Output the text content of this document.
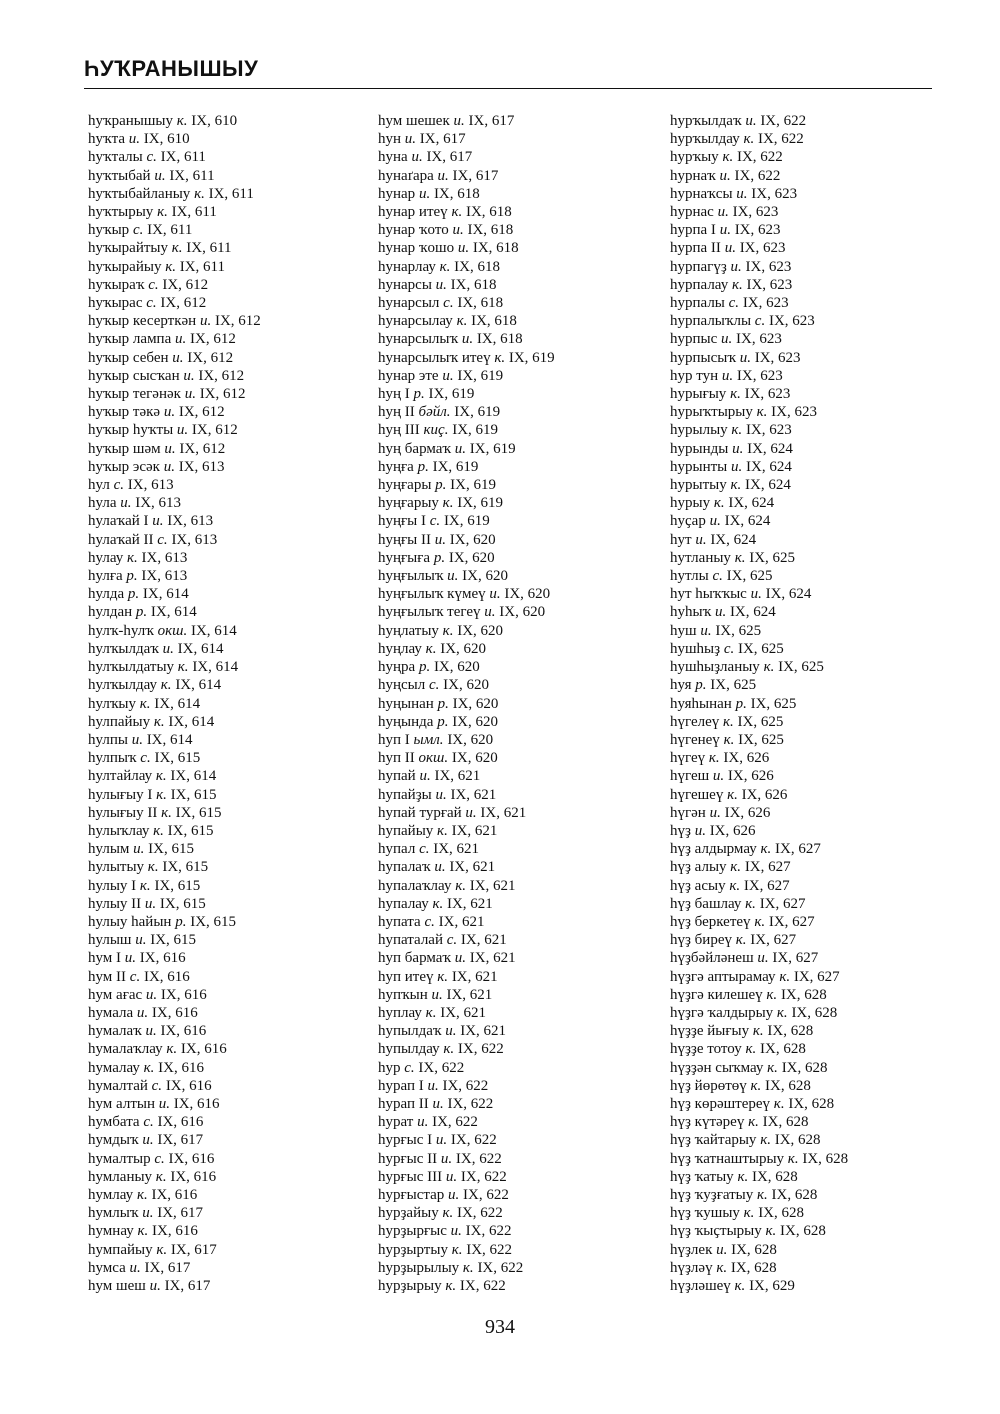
ҺУҠРАНЫШЫУ
һуҡранышыу к. IX, 610
һуҡта и. IX, 610
һуҡталы с. IX, 611
һуҡтыбай и. IX, 611
һуҡтыбайланыу к. IX, 611
һуҡтырыу к. IX, 611
һуҡыр с. IX, 611
һуҡырайтыу к. IX, 611
һуҡырайыу к. IX, 611
һуҡыраҡ с. IX, 612
һуҡырас с. IX, 612
һуҡыр кесерткән и. IX, 612
һуҡыр лампа и. IX, 612
һуҡыр себен и. IX, 612
һуҡыр сысҡан и. IX, 612
һуҡыр тегәнәк и. IX, 612
һуҡыр тәкә и. IX, 612
һуҡыр һуҡты и. IX, 612
һуҡыр шәм и. IX, 612
һуҡыр эсәк и. IX, 613
һул с. IX, 613
һула и. IX, 613
һулаҡай I и. IX, 613
һулаҡай II с. IX, 613
һулау к. IX, 613
һулға р. IX, 613
һулда р. IX, 614
һулдан р. IX, 614
һулҡ-һулҡ окш. IX, 614
һулҡылдаҡ и. IX, 614
һулҡылдатыу к. IX, 614
һулҡылдау к. IX, 614
һулҡыу к. IX, 614
һулпайыу к. IX, 614
һулпы и. IX, 614
һулпыҡ с. IX, 615
һултайлау к. IX, 614
һулығыу I к. IX, 615
һулығыу II к. IX, 615
һулыҡлау к. IX, 615
һулым и. IX, 615
һулытыу к. IX, 615
һулыу I к. IX, 615
һулыу II и. IX, 615
һулыу һайын р. IX, 615
һулыш и. IX, 615
һум I и. IX, 616
һум II с. IX, 616
һум ағас и. IX, 616
һумала и. IX, 616
һумалаҡ и. IX, 616
һумалаҡлау к. IX, 616
һумалау к. IX, 616
һумалтай с. IX, 616
һум алтын и. IX, 616
һумбата с. IX, 616
һумдыҡ и. IX, 617
һумалтыр с. IX, 616
һумланыу к. IX, 616
һумлау к. IX, 616
һумлыҡ и. IX, 617
һумнау к. IX, 616
һумпайыу к. IX, 617
һумса и. IX, 617
һум шеш и. IX, 617
һум шешек и. IX, 617
һун и. IX, 617
һуна и. IX, 617
һунаґара и. IX, 617
һунар и. IX, 618
һунар итеү к. IX, 618
һунар ҡото и. IX, 618
һунар ҡошо и. IX, 618
һунарлау к. IX, 618
һунарсы и. IX, 618
һунарсыл с. IX, 618
һунарсылау к. IX, 618
һунарсылыҡ и. IX, 618
һунарсылыҡ итеү к. IX, 619
һунар эте и. IX, 619
һуң I р. IX, 619
һуң II бәйл. IX, 619
һуң III киç. IX, 619
һуң бармаҡ и. IX, 619
һуңға р. IX, 619
һуңғары р. IX, 619
һуңғарыу к. IX, 619
һуңғы I с. IX, 619
һуңғы II и. IX, 620
һуңғыға р. IX, 620
һуңғылыҡ и. IX, 620
һуңғылыҡ күмеү и. IX, 620
һуңғылыҡ тегеү и. IX, 620
һуңлатыу к. IX, 620
һуңлау к. IX, 620
һуңра р. IX, 620
һуңсыл с. IX, 620
һуңынан р. IX, 620
һуңында р. IX, 620
һуп I ымл. IX, 620
һуп II окш. IX, 620
һупай и. IX, 621
һупайҙы и. IX, 621
һупай турғай и. IX, 621
һупайыу к. IX, 621
һупал с. IX, 621
һупалаҡ и. IX, 621
һупалаҡлау к. IX, 621
һупалау к. IX, 621
һупата с. IX, 621
һупаталай с. IX, 621
һуп бармаҡ и. IX, 621
һуп итеү к. IX, 621
һупҡын и. IX, 621
һуплау к. IX, 621
һупылдаҡ и. IX, 621
һупылдау к. IX, 622
һур с. IX, 622
һурап I и. IX, 622
һурап II и. IX, 622
һурат и. IX, 622
һурғыс I и. IX, 622
һурғыс II и. IX, 622
һурғыс III и. IX, 622
һурғыстар и. IX, 622
һурҙайыу к. IX, 622
һурҙырғыс и. IX, 622
һурҙыртыу к. IX, 622
һурҙырылыу к. IX, 622
һурҙырыу к. IX, 622
һурҡылдаҡ и. IX, 622
һурҡылдау к. IX, 622
һурҡыу к. IX, 622
һурнаҡ и. IX, 622
һурнаҡсы и. IX, 623
һурнас и. IX, 623
һурпа I и. IX, 623
һурпа II и. IX, 623
һурпагүҙ и. IX, 623
һурпалау к. IX, 623
һурпалы с. IX, 623
һурпалыҡлы с. IX, 623
һурпыс и. IX, 623
һурпысыҡ и. IX, 623
һур тун и. IX, 623
һурығыу к. IX, 623
һурыҡтырыу к. IX, 623
һурылыу к. IX, 623
һурынды и. IX, 624
һурынты и. IX, 624
һурытыу к. IX, 624
һурыу к. IX, 624
һуҫар и. IX, 624
һут и. IX, 624
һутланыу к. IX, 625
һутлы с. IX, 625
һут һыҡҡыс и. IX, 624
һуһыҡ и. IX, 624
һуш и. IX, 625
һушһыҙ с. IX, 625
һушһыҙланыу к. IX, 625
һуя р. IX, 625
һуяһынан р. IX, 625
һүгелеү к. IX, 625
һүгенеү к. IX, 625
һүгеү к. IX, 626
һүгеш и. IX, 626
һүгешеү к. IX, 626
һүгән и. IX, 626
һүҙ и. IX, 626
һүҙ алдырмау к. IX, 627
һүҙ алыу к. IX, 627
һүҙ асыу к. IX, 627
һүҙ башлау к. IX, 627
һүҙ беркетеү к. IX, 627
һүҙ биреү к. IX, 627
һүҙбәйләнеш и. IX, 627
һүҙгә аптырамау к. IX, 627
һүҙгә килешеү к. IX, 628
һүҙгә ҡалдырыу к. IX, 628
һүҙҙе йығыу к. IX, 628
һүҙҙе тотоу к. IX, 628
һүҙҙән сыҡмау к. IX, 628
һүҙ йөрөтөү к. IX, 628
һүҙ көрәштереү к. IX, 628
һүҙ күтәреү к. IX, 628
һүҙ ҡайтарыу к. IX, 628
һүҙ ҡатнаштырыу к. IX, 628
һүҙ ҡатыу к. IX, 628
һүҙ ҡуҙғатыу к. IX, 628
һүҙ ҡушыу к. IX, 628
һүҙ ҡыҫтырыу к. IX, 628
һүҙлек и. IX, 628
һүҙләү к. IX, 628
һүҙләшеү к. IX, 629
934
